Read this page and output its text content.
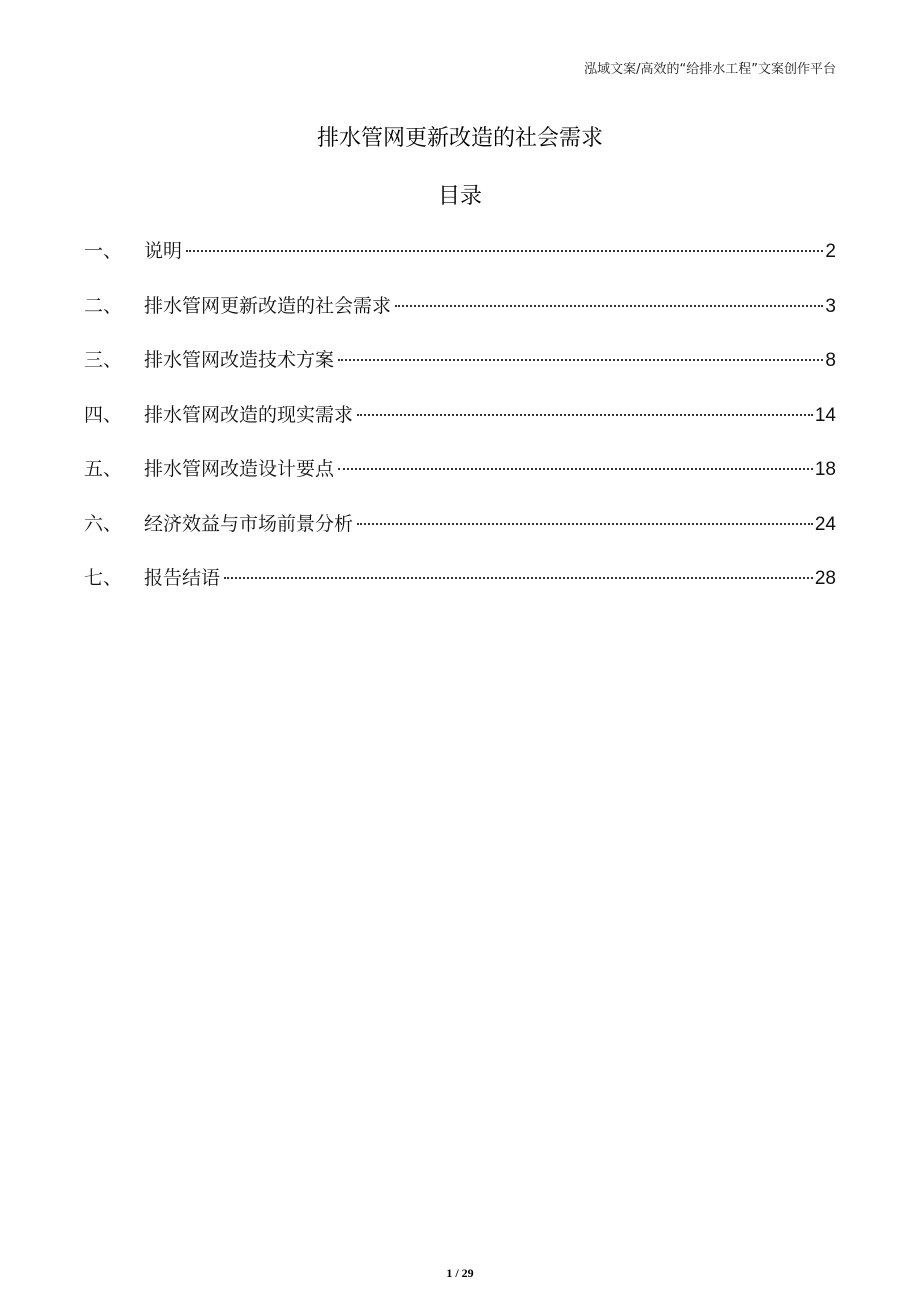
泓域文案/高效的“给排水工程”文案创作平台
排水管网更新改造的社会需求
目录
一、	说明	2
二、	排水管网更新改造的社会需求	3
三、	排水管网改造技术方案	8
四、	排水管网改造的现实需求	14
五、	排水管网改造设计要点	18
六、	经济效益与市场前景分析	24
七、	报告结语	28
1 / 29
